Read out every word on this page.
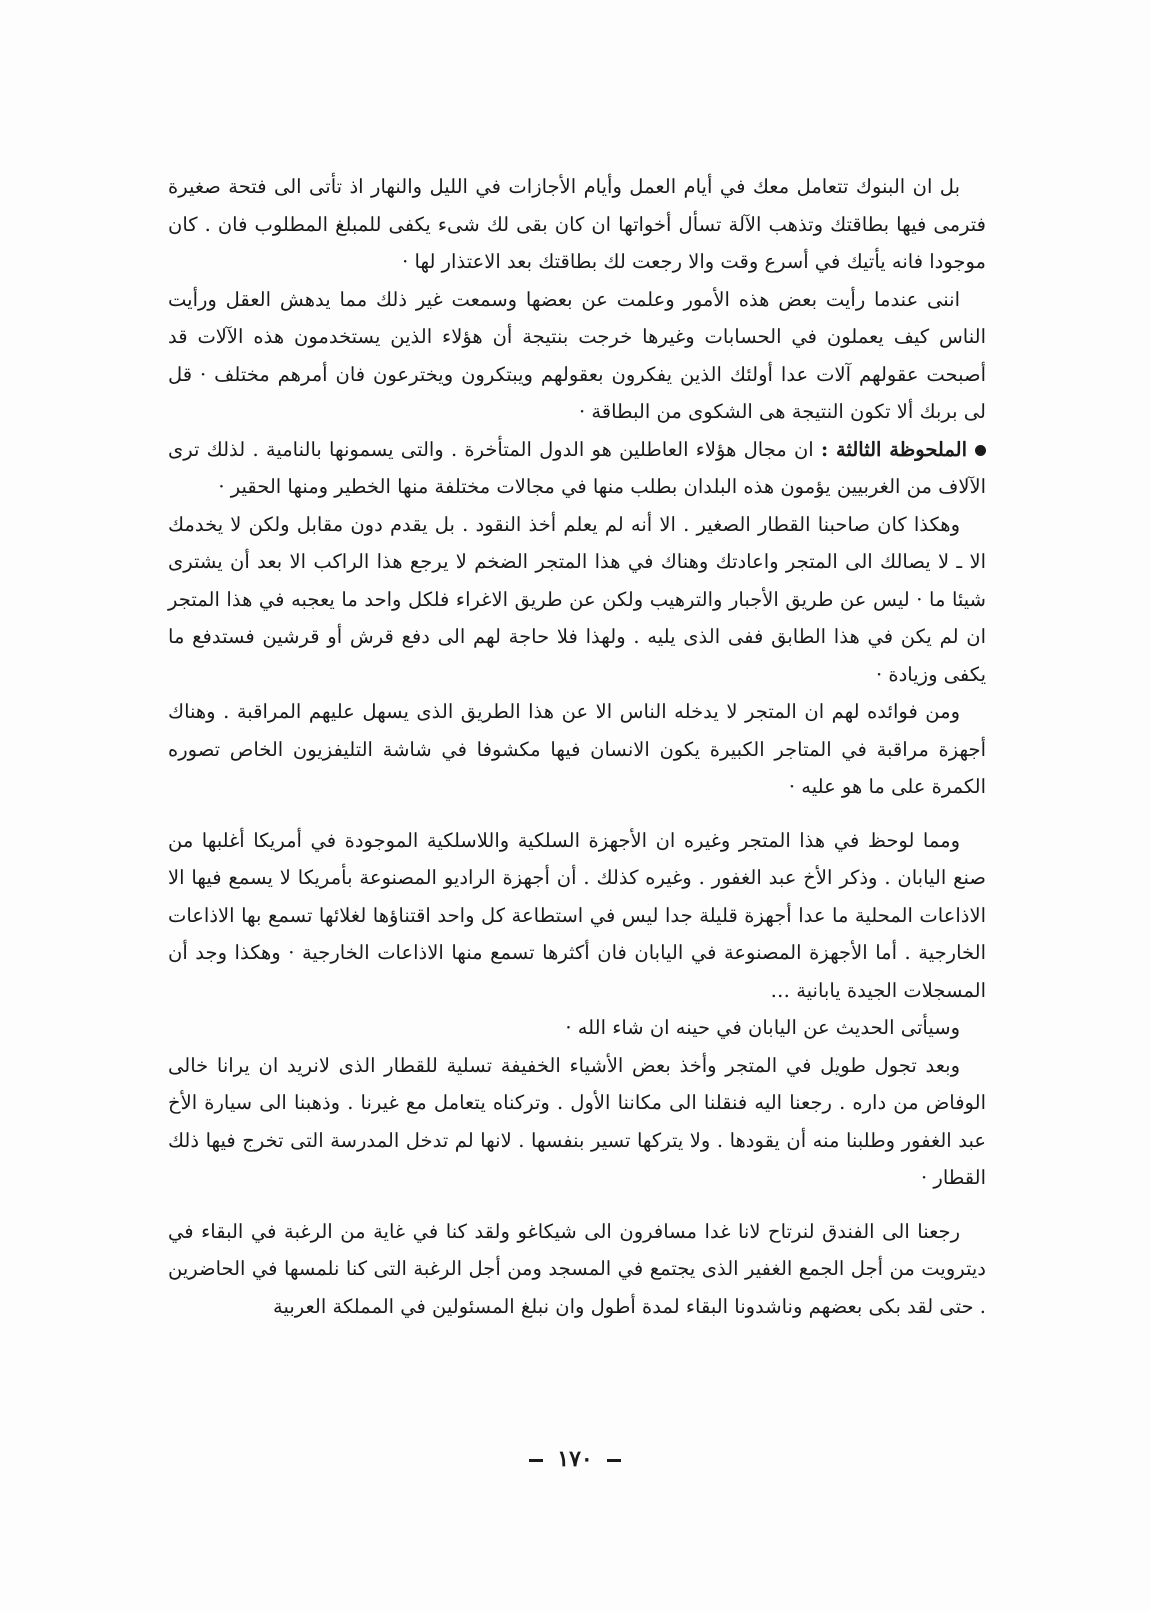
بل ان البنوك تتعامل معك في أيام العمل وأيام الأجازات في الليل والنهار اذ تأتى الى فتحة صغيرة فترمى فيها بطاقتك وتذهب الآلة تسأل أخواتها ان كان بقى لك شىء يكفى للمبلغ المطلوب فان . كان موجودا فانه يأتيك في أسرع وقت والا رجعت لك بطاقتك بعد الاعتذار لها ·

اننى عندما رأيت بعض هذه الأمور وعلمت عن بعضها وسمعت غير ذلك مما يدهش العقل ورأيت الناس كيف يعملون في الحسابات وغيرها خرجت بنتيجة أن هؤلاء الذين يستخدمون هذه الآلات قد أصبحت عقولهم آلات عدا أولئك الذين يفكرون بعقولهم ويبتكرون ويخترعون فان أمرهم مختلف · قل لى بربك ألا تكون النتيجة هى الشكوى من البطاقة ·

الملحوظة الثالثة : ان مجال هؤلاء العاطلين هو الدول المتأخرة . والتى يسمونها بالنامية . لذلك ترى الآلاف من الغربيين يؤمون هذه البلدان بطلب منها في مجالات مختلفة منها الخطير ومنها الحقير ·

وهكذا كان صاحبنا القطار الصغير . الا أنه لم يعلم أخذ النقود . بل يقدم دون مقابل ولكن لا يخدمك الا ـ لا يصالك الى المتجر واعادتك وهناك في هذا المتجر الضخم لا يرجع هذا الراكب الا بعد أن يشترى شيئا ما · ليس عن طريق الأجبار والترهيب ولكن عن طريق الاغراء فلكل واحد ما يعجبه في هذا المتجر ان لم يكن في هذا الطابق ففى الذى يليه . ولهذا فلا حاجة لهم الى دفع قرش أو قرشين فستدفع ما يكفى وزيادة ·

ومن فوائده لهم ان المتجر لا يدخله الناس الا عن هذا الطريق الذى يسهل عليهم المراقبة . وهناك أجهزة مراقبة في المتاجر الكبيرة يكون الانسان فيها مكشوفا في شاشة التليفزيون الخاص تصوره الكمرة على ما هو عليه ·

ومما لوحظ في هذا المتجر وغيره ان الأجهزة السلكية واللاسلكية الموجودة في أمريكا أغلبها من صنع اليابان . وذكر الأخ عبد الغفور . وغيره كذلك . أن أجهزة الراديو المصنوعة بأمريكا لا يسمع فيها الا الاذاعات المحلية ما عدا أجهزة قليلة جدا ليس في استطاعة كل واحد اقتناؤها لغلائها تسمع بها الاذاعات الخارجية . أما الأجهزة المصنوعة في اليابان فان أكثرها تسمع منها الاذاعات الخارجية · وهكذا وجد أن المسجلات الجيدة يابانية …

وسيأتى الحديث عن اليابان في حينه ان شاء الله ·

وبعد تجول طويل في المتجر وأخذ بعض الأشياء الخفيفة تسلية للقطار الذى لانريد ان يرانا خالى الوفاض من داره . رجعنا اليه فنقلنا الى مكاننا الأول . وتركناه يتعامل مع غيرنا . وذهبنا الى سيارة الأخ عبد الغفور وطلبنا منه أن يقودها . ولا يتركها تسير بنفسها . لانها لم تدخل المدرسة التى تخرج فيها ذلك القطار ·

رجعنا الى الفندق لنرتاح لانا غدا مسافرون الى شيكاغو ولقد كنا في غاية من الرغبة في البقاء في ديترويت من أجل الجمع الغفير الذى يجتمع في المسجد ومن أجل الرغبة التى كنا نلمسها في الحاضرين . حتى لقد بكى بعضهم وناشدونا البقاء لمدة أطول وان نبلغ المسئولين في المملكة العربية

١٧٠
